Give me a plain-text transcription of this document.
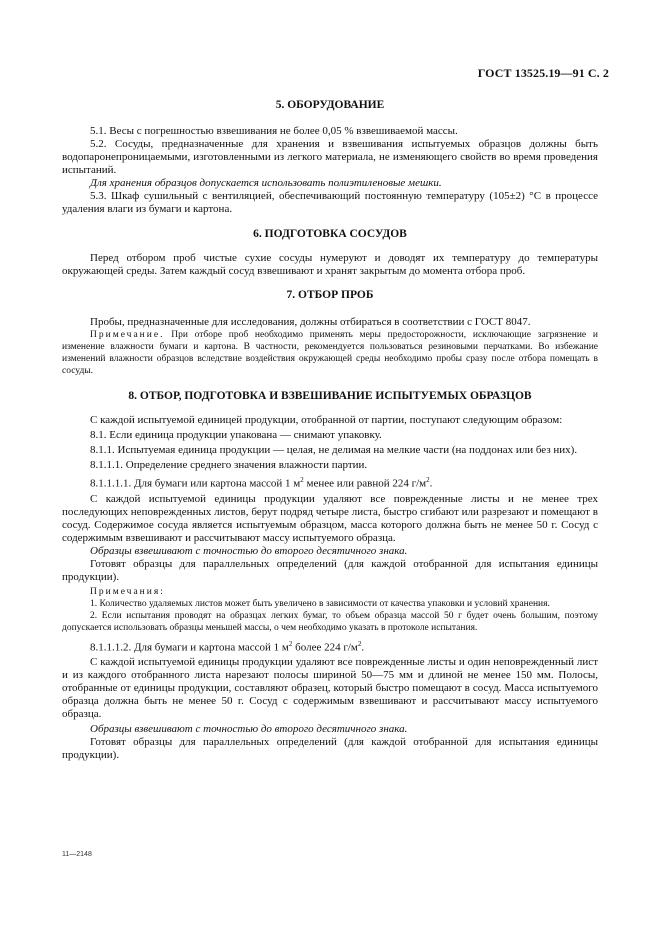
ГОСТ 13525.19—91 С. 2
5. ОБОРУДОВАНИЕ

5.1. Весы с погрешностью взвешивания не более 0,05 % взвешиваемой массы.

5.2. Сосуды, предназначенные для хранения и взвешивания испытуемых образцов должны быть водопаронепроницаемыми, изготовленными из легкого материала, не изменяющего свойств во время проведения испытаний.

Для хранения образцов допускается использовать полиэтиленовые мешки.

5.3. Шкаф сушильный с вентиляцией, обеспечивающий постоянную температуру (105±2) °С в процессе удаления влаги из бумаги и картона.

6. ПОДГОТОВКА СОСУДОВ

Перед отбором проб чистые сухие сосуды нумеруют и доводят их температуру до температуры окружающей среды. Затем каждый сосуд взвешивают и хранят закрытым до момента отбора проб.

7. ОТБОР ПРОБ

Пробы, предназначенные для исследования, должны отбираться в соответствии с ГОСТ 8047.

Примечание. При отборе проб необходимо применять меры предосторожности, исключающие загрязнение и изменение влажности бумаги и картона. В частности, рекомендуется пользоваться резиновыми перчатками. Во избежание изменений влажности образцов вследствие воздействия окружающей среды необходимо пробы сразу после отбора помещать в сосуды.

8. ОТБОР, ПОДГОТОВКА И ВЗВЕШИВАНИЕ ИСПЫТУЕМЫХ ОБРАЗЦОВ

С каждой испытуемой единицей продукции, отобранной от партии, поступают следующим образом:

8.1. Если единица продукции упакована — снимают упаковку.

8.1.1. Испытуемая единица продукции — целая, не делимая на мелкие части (на поддонах или без них).

8.1.1.1. Определение среднего значения влажности партии.

8.1.1.1.1. Для бумаги или картона массой 1 $м^2$ менее или равной 224 $г/м^2$.

С каждой испытуемой единицы продукции удаляют все поврежденные листы и не менее трех последующих неповрежденных листов, берут подряд четыре листа, быстро сгибают или разрезают и помещают в сосуд. Содержимое сосуда является испытуемым образцом, масса которого должна быть не менее 50 г. Сосуд с содержимым взвешивают и рассчитывают массу испытуемого образца.

Образцы взвешивают с точностью до второго десятичного знака.

Готовят образцы для параллельных определений (для каждой отобранной для испытания единицы продукции).

Примечания:

1. Количество удаляемых листов может быть увеличено в зависимости от качества упаковки и условий хранения.

2. Если испытания проводят на образцах легких бумаг, то объем образца массой 50 г будет очень большим, поэтому допускается использовать образцы меньшей массы, о чем необходимо указать в протоколе испытания.

8.1.1.1.2. Для бумаги и картона массой 1 $м^2$ более 224 $г/м^2$.

С каждой испытуемой единицы продукции удаляют все поврежденные листы и один неповрежденный лист и из каждого отобранного листа нарезают полосы шириной 50—75 мм и длиной не менее 150 мм. Полосы, отобранные от единицы продукции, составляют образец, который быстро помещают в сосуд. Масса испытуемого образца должна быть не менее 50 г. Сосуд с содержимым взвешивают и рассчитывают массу испытуемого образца.

Образцы взвешивают с точностью до второго десятичного знака.

Готовят образцы для параллельных определений (для каждой отобранной для испытания единицы продукции).

11—2148
